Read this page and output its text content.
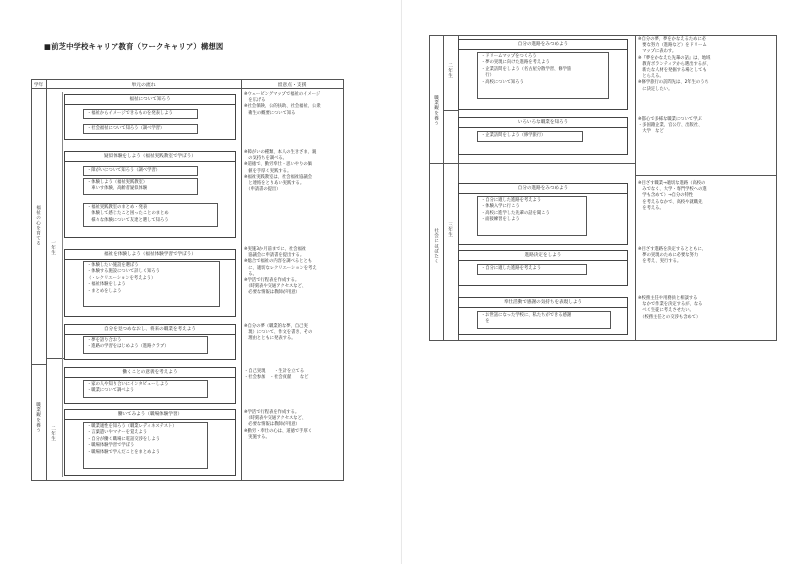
■前芝中学校キャリア教育（ワークキャリア）構想図
学年	単元の流れ	留意点・支援
福祉の心を育てる
職業観を養う
一年生
二年生
福祉について知ろう
・福祉からイメージできるものを発表しよう
・社会福祉について知ろう（調べ学習）
疑似体験をしよう（福祉実践教室で学ぼう）
・障がいについて知ろう（調べ学習）
・体験しよう（福祉実践教室）
　車いす体験、高齢者疑似体験
・福祉実践教室のまとめ・発表
　体験して感じたこと困ったことのまとめ
　様々な体験について友達と選して知ろう
福祉を体験しよう（福祉体験学習で学ぼう）
・体験したい施設を選ぼう
・体験する施設について詳しく知ろう
（・レクリエーションを考えよう）
・福祉体験をしよう
・まとめをしよう
自分を見つめなおし、将来の職業を考えよう
・夢を語り合おう
・進路の学習をはじめよう（進路クラブ）
働くことの意義を考えよう
・家の人や知り合いにインタビューしよう
・職業について調べよう
働いてみよう（職場体験学習）
・職業適性を知ろう（職業レディネステスト）
・言葉遣いやマナーを覚えよう
・自分が働く職場に電話交渉をしよう
・職場体験学習で学ぼう
・職場体験で学んだことをまとめよう
※ウェービングマップで福祉のイメージ
　を広げる
※社会保険、公的扶助、社会福祉、公衆
　衛生の概要について知る
※障がいの種類、本人の生きざま、親
　の気持ちを調べる。
※道徳で、勤労奉仕・思いやりの価
　値を手厚く実践する。
※福祉実践教室は、社会福祉協議会
　と連絡をとりあい実践する。
　（申請書の提出）
※実施3か月前までに、社会福祉
　協議会に申請書を提出する。
※総合で福祉の内容を調べるととも
　に、適切なレクリエーションを考え
　る。
※学活で行程表を作成する。
　（時刻表や交通アクセスなど、
　必要な情報は教師が用意）
※自分の夢（職業的な夢、自己実
　現）について、作文を書き、その
　理由とともに発表する。
・自己実現　　・生計を立てる
・社会参加　・社会貢献　　など
※学活で行程表を作成する。
　（時刻表や交通アクセスなど、
　必要な情報は教師が用意）
※勤労・奉仕の心は、道徳で手厚く
　実施する。
職業観を養う
社会にはばたく
二年生
三年生
自分の進路をみつめよう
・ドリームマップをつくろう
・夢の実現に向けた進路を考えよう
・企業訪問をしよう（名古屋分散学習、修学旅
　行）
・高校について知ろう
いろいろな職業を知ろう
・企業訪問をしよう（修学旅行）
自分の進路をみつめよう
・自分に適した進路を考えよう
・体験入学に行こう
・高校に進学した先輩の話を聞こう
・面接練習をしよう
進路決定をしよう
・自分に適した進路を考えよう
奉仕活動で感謝の気持ちを表現しよう
・お世話になった学校に、私たちができる感謝
　を
※自分の夢、夢をかなえるために必
　要な努力（進路など）をドリーム
　マップに表わす。
※『夢をかなえた先輩の話』は、地域
　教育ボランティアから選出するが、
　新たな人材を発掘する場としても
　とらえる。
※修学旅行の訪問先は、2年生のうち
　に決定したい。
※都心で多様な職業について学ぶ
・多国籍企業、官公庁、出版社、
　大学　など
※目ざす職業→適切な進路（高校の
　みでなく、大学・専門学校への進
　学も含めて）→自分の特性
　を考えるなかで、高校や就職先
　を考える。
※目ざす進路を決定するとともに、
　夢の実現のために必要な努力
　を考え、実行する。
※校務主任や用務員と相談する
　なかで作業を決定するが、なる
　べく生徒に考えさせたい。
　（校務主任との交渉も含めて）
